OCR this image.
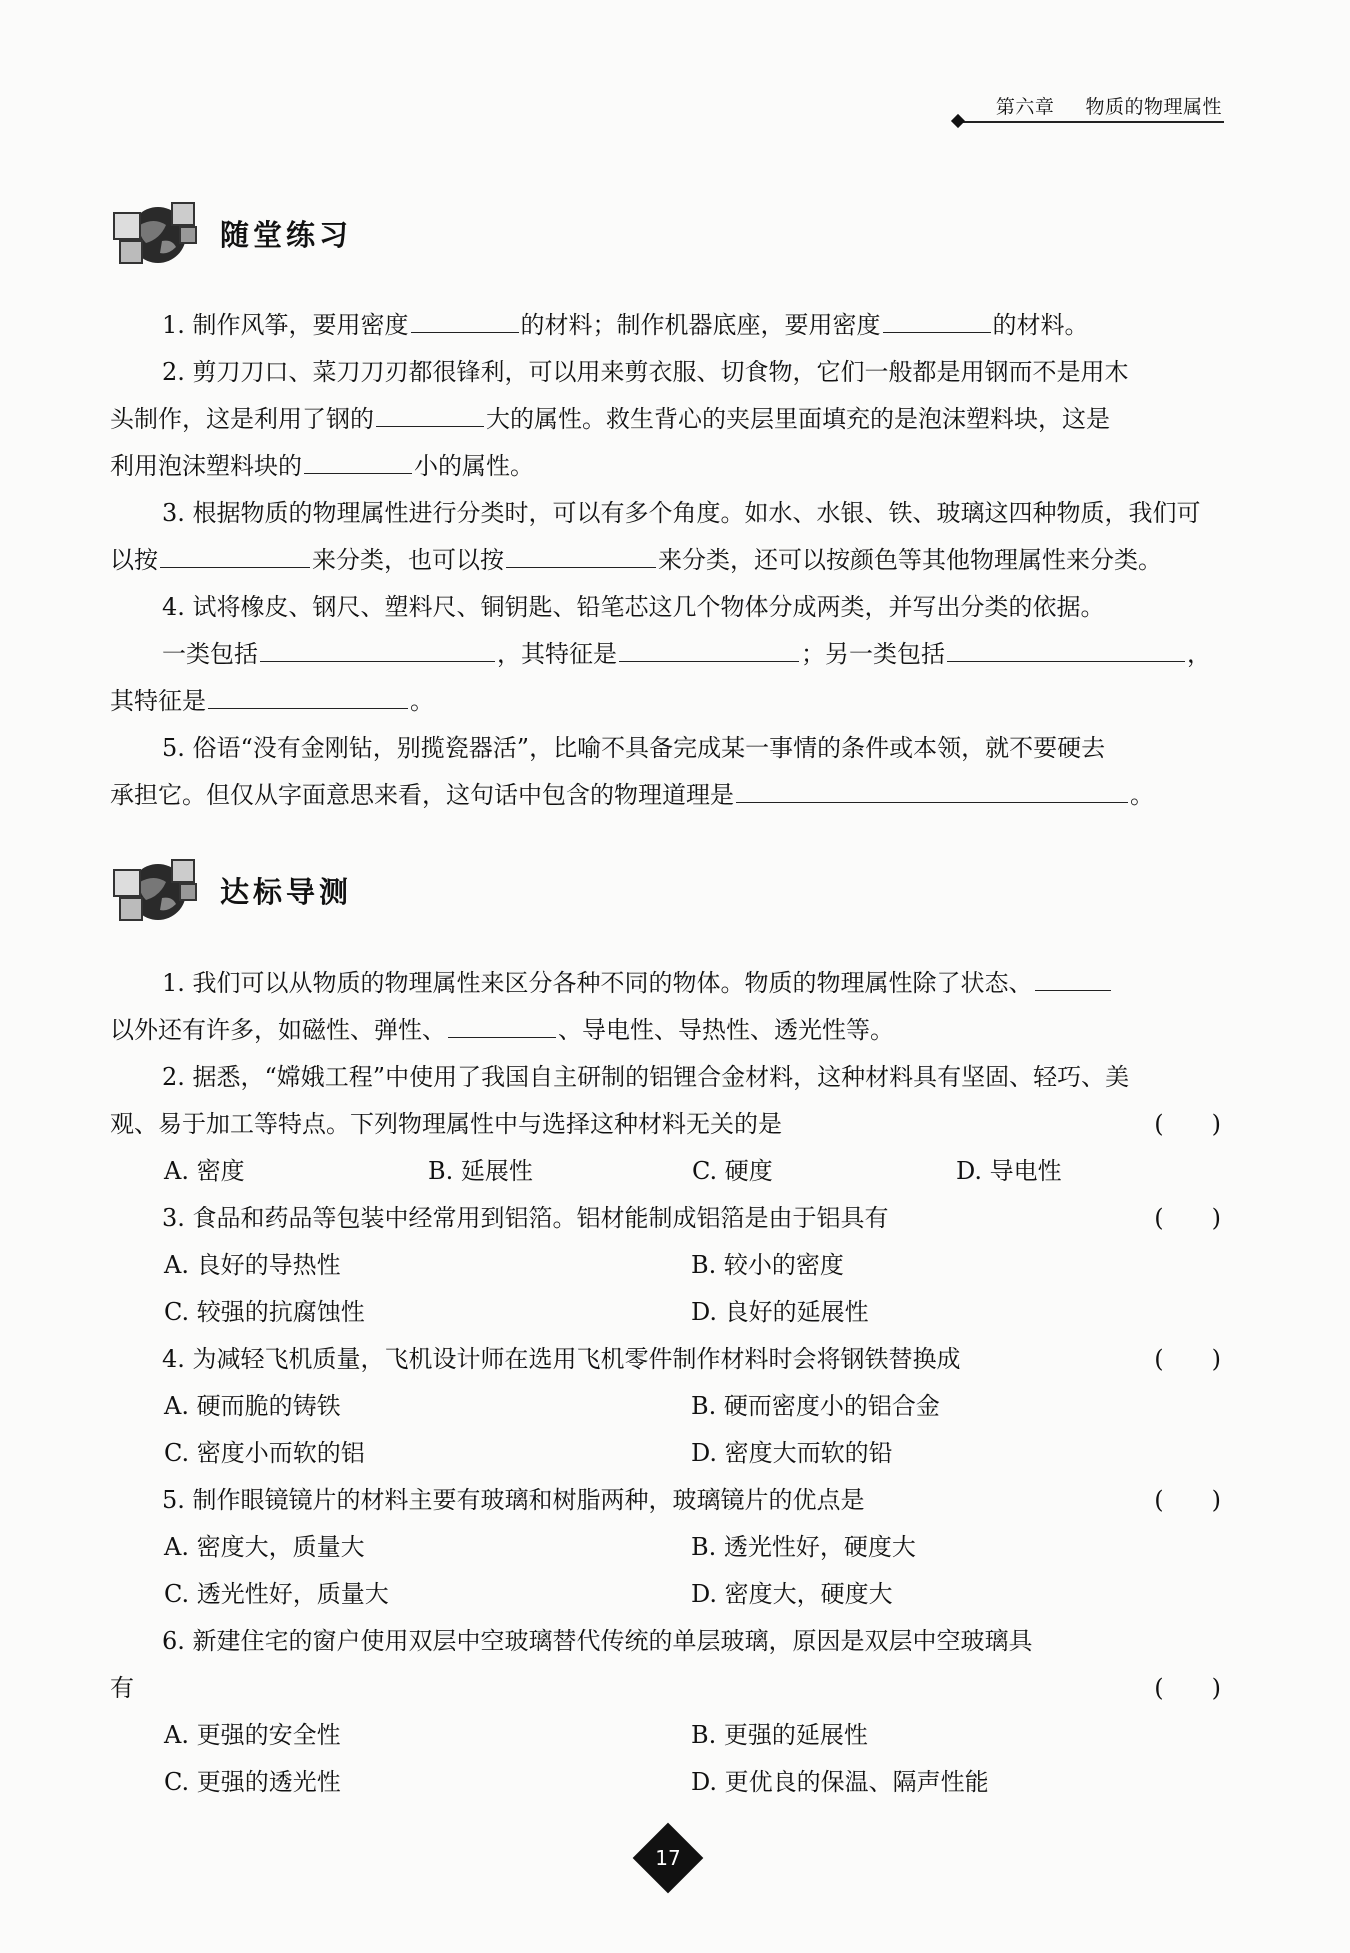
第六章 物质的物理属性
随堂练习
1. 制作风筝，要用密度	的材料；制作机器底座，要用密度	的材料。
2. 剪刀刀口、菜刀刀刃都很锋利，可以用来剪衣服、切食物，它们一般都是用钢而不是用木
头制作，这是利用了钢的	大的属性。救生背心的夹层里面填充的是泡沫塑料块，这是
利用泡沫塑料块的	小的属性。
3. 根据物质的物理属性进行分类时，可以有多个角度。如水、水银、铁、玻璃这四种物质，我们可
以按	来分类，也可以按	来分类，还可以按颜色等其他物理属性来分类。
4. 试将橡皮、钢尺、塑料尺、铜钥匙、铅笔芯这几个物体分成两类，并写出分类的依据。
一类包括	，其特征是	；另一类包括	，
其特征是	。
5. 俗语“没有金刚钻，别揽瓷器活”，比喻不具备完成某一事情的条件或本领，就不要硬去
承担它。但仅从字面意思来看，这句话中包含的物理道理是	。
达标导测
1. 我们可以从物质的物理属性来区分各种不同的物体。物质的物理属性除了状态、
以外还有许多，如磁性、弹性、	、导电性、导热性、透光性等。
2. 据悉，“嫦娥工程”中使用了我国自主研制的铝锂合金材料，这种材料具有坚固、轻巧、美
观、易于加工等特点。下列物理属性中与选择这种材料无关的是	(　　)
A. 密度	B. 延展性	C. 硬度	D. 导电性
3. 食品和药品等包装中经常用到铝箔。铝材能制成铝箔是由于铝具有	(　　)
A. 良好的导热性	B. 较小的密度
C. 较强的抗腐蚀性	D. 良好的延展性
4. 为减轻飞机质量，飞机设计师在选用飞机零件制作材料时会将钢铁替换成	(　　)
A. 硬而脆的铸铁	B. 硬而密度小的铝合金
C. 密度小而软的铝	D. 密度大而软的铅
5. 制作眼镜镜片的材料主要有玻璃和树脂两种，玻璃镜片的优点是	(　　)
A. 密度大，质量大	B. 透光性好，硬度大
C. 透光性好，质量大	D. 密度大，硬度大
6. 新建住宅的窗户使用双层中空玻璃替代传统的单层玻璃，原因是双层中空玻璃具
有	(　　)
A. 更强的安全性	B. 更强的延展性
C. 更强的透光性	D. 更优良的保温、隔声性能
17
